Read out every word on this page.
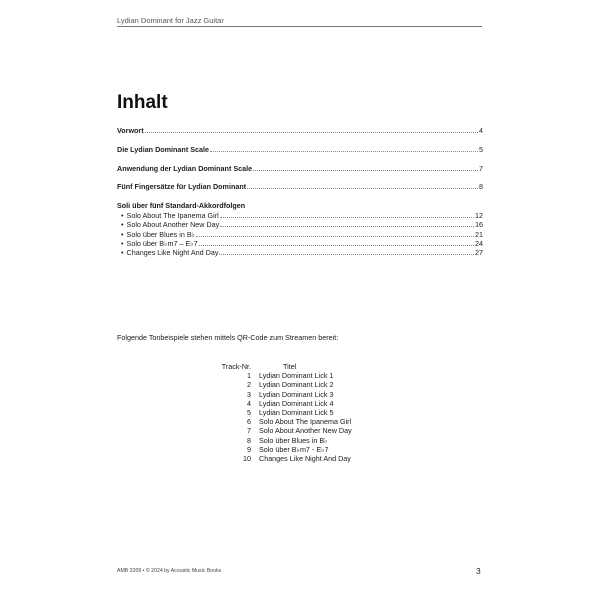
Lydian Dominant for Jazz Guitar
Inhalt
Vorwort	4
Die Lydian Dominant Scale	5
Anwendung der Lydian Dominant Scale	7
Fünf Fingersätze für Lydian Dominant	8
Soli über fünf Standard-Akkordfolgen
• Solo About The Ipanema Girl	12
• Solo About Another New Day	16
• Solo über Blues in B♭	21
• Solo über B♭m7 – E♭7	24
• Changes Like Night And Day	27
Folgende Tonbeispiele stehen mittels QR-Code zum Streamen bereit:
Track-Nr.	Titel
1 Lydian Dominant Lick 1
2 Lydian Dominant Lick 2
3 Lydian Dominant Lick 3
4 Lydian Dominant Lick 4
5 Lydian Dominant Lick 5
6 Solo About The Ipanema Girl
7 Solo About Another New Day
8 Solo über Blues in B♭
9 Solo über B♭m7 - E♭7
10 Changes Like Night And Day
AMB 3209 • © 2024 by Acoustic Music Books	3
